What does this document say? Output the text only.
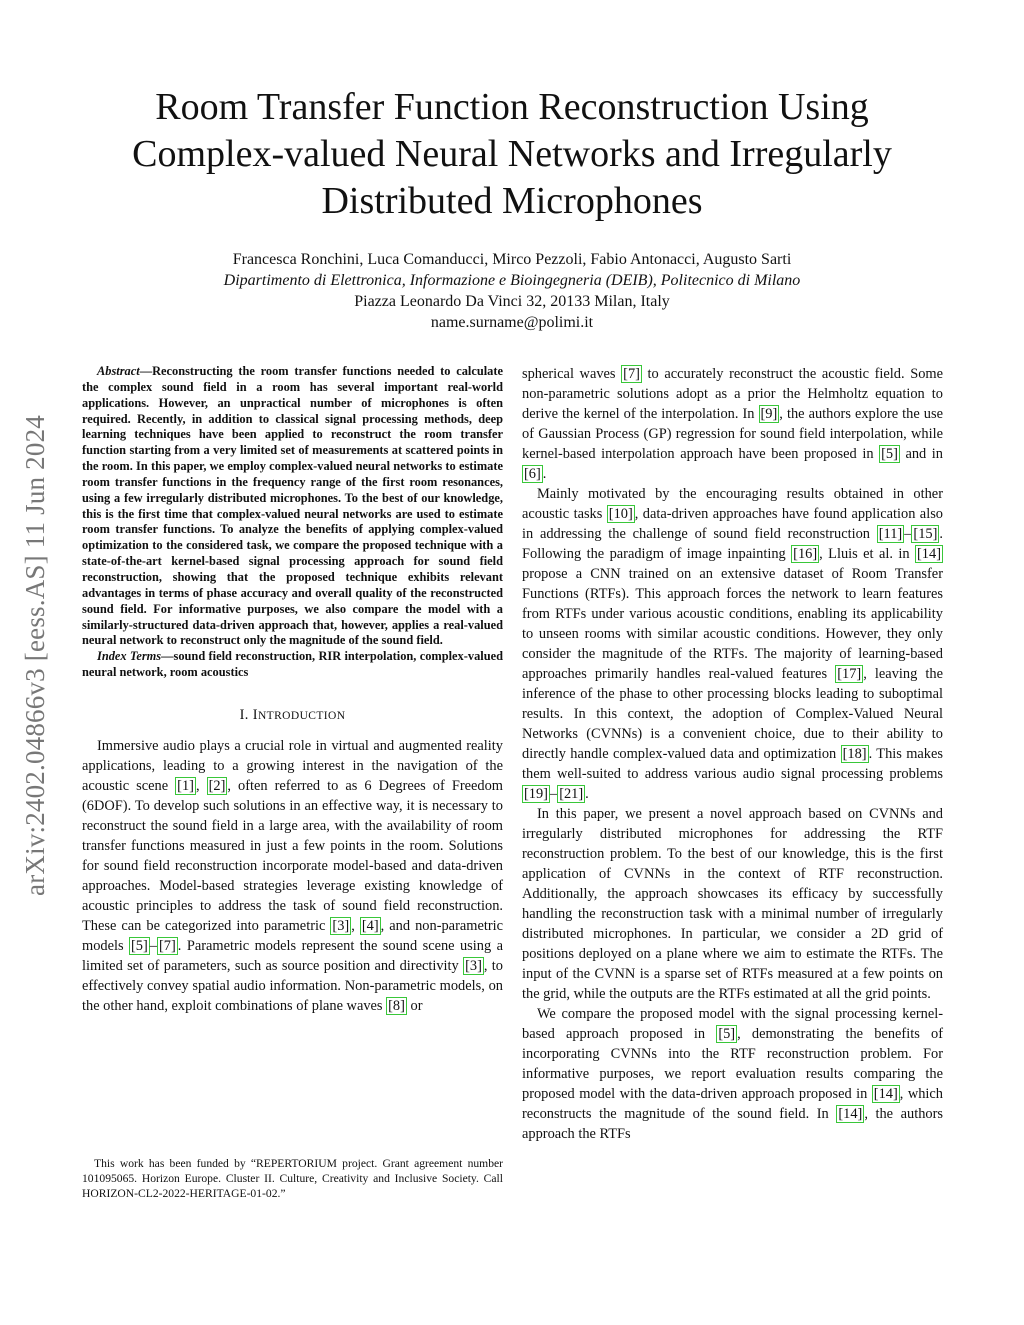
arXiv:2402.04866v3 [eess.AS] 11 Jun 2024
Room Transfer Function Reconstruction Using Complex-valued Neural Networks and Irregularly Distributed Microphones
Francesca Ronchini, Luca Comanducci, Mirco Pezzoli, Fabio Antonacci, Augusto Sarti
Dipartimento di Elettronica, Informazione e Bioingegneria (DEIB), Politecnico di Milano
Piazza Leonardo Da Vinci 32, 20133 Milan, Italy
name.surname@polimi.it

Abstract—Reconstructing the room transfer functions needed to calculate the complex sound field in a room has several important real-world applications. However, an unpractical number of microphones is often required. Recently, in addition to classical signal processing methods, deep learning techniques have been applied to reconstruct the room transfer function starting from a very limited set of measurements at scattered points in the room. In this paper, we employ complex-valued neural networks to estimate room transfer functions in the frequency range of the first room resonances, using a few irregularly distributed microphones. To the best of our knowledge, this is the first time that complex-valued neural networks are used to estimate room transfer functions. To analyze the benefits of applying complex-valued optimization to the considered task, we compare the proposed technique with a state-of-the-art kernel-based signal processing approach for sound field reconstruction, showing that the proposed technique exhibits relevant advantages in terms of phase accuracy and overall quality of the reconstructed sound field. For informative purposes, we also compare the model with a similarly-structured data-driven approach that, however, applies a real-valued neural network to reconstruct only the magnitude of the sound field.

Index Terms—sound field reconstruction, RIR interpolation, complex-valued neural network, room acoustics

I. INTRODUCTION

Immersive audio plays a crucial role in virtual and augmented reality applications, leading to a growing interest in the navigation of the acoustic scene [1] , [2] , often referred to as 6 Degrees of Freedom (6DOF). To develop such solutions in an effective way, it is necessary to reconstruct the sound field in a large area, with the availability of room transfer functions measured in just a few points in the room. Solutions for sound field reconstruction incorporate model-based and data-driven approaches. Model-based strategies leverage existing knowledge of acoustic principles to address the task of sound field reconstruction. These can be categorized into parametric [3] , [4] , and non-parametric models [5] – [7] . Parametric models represent the sound scene using a limited set of parameters, such as source position and directivity [3] , to effectively convey spatial audio information. Non-parametric models, on the other hand, exploit combinations of plane waves [8] or

This work has been funded by “REPERTORIUM project. Grant agreement number 101095065. Horizon Europe. Cluster II. Culture, Creativity and Inclusive Society. Call HORIZON-CL2-2022-HERITAGE-01-02.”

spherical waves [7] to accurately reconstruct the acoustic field. Some non-parametric solutions adopt as a prior the Helmholtz equation to derive the kernel of the interpolation. In [9] , the authors explore the use of Gaussian Process (GP) regression for sound field interpolation, while kernel-based interpolation approach have been proposed in [5] and in [6] .

Mainly motivated by the encouraging results obtained in other acoustic tasks [10] , data-driven approaches have found application also in addressing the challenge of sound field reconstruction [11] – [15] . Following the paradigm of image inpainting [16] , Lluis et al. in [14] propose a CNN trained on an extensive dataset of Room Transfer Functions (RTFs). This approach forces the network to learn features from RTFs under various acoustic conditions, enabling its applicability to unseen rooms with similar acoustic conditions. However, they only consider the magnitude of the RTFs. The majority of learning-based approaches primarily handles real-valued features [17] , leaving the inference of the phase to other processing blocks leading to suboptimal results. In this context, the adoption of Complex-Valued Neural Networks (CVNNs) is a convenient choice, due to their ability to directly handle complex-valued data and optimization [18] . This makes them well-suited to address various audio signal processing problems [19] – [21] .

In this paper, we present a novel approach based on CVNNs and irregularly distributed microphones for addressing the RTF reconstruction problem. To the best of our knowledge, this is the first application of CVNNs in the context of RTF reconstruction. Additionally, the approach showcases its efficacy by successfully handling the reconstruction task with a minimal number of irregularly distributed microphones. In particular, we consider a 2D grid of positions deployed on a plane where we aim to estimate the RTFs. The input of the CVNN is a sparse set of RTFs measured at a few points on the grid, while the outputs are the RTFs estimated at all the grid points.

We compare the proposed model with the signal processing kernel-based approach proposed in [5] , demonstrating the benefits of incorporating CVNNs into the RTF reconstruction problem. For informative purposes, we report evaluation results comparing the proposed model with the data-driven approach proposed in [14] , which reconstructs the magnitude of the sound field. In [14] , the authors approach the RTFs
